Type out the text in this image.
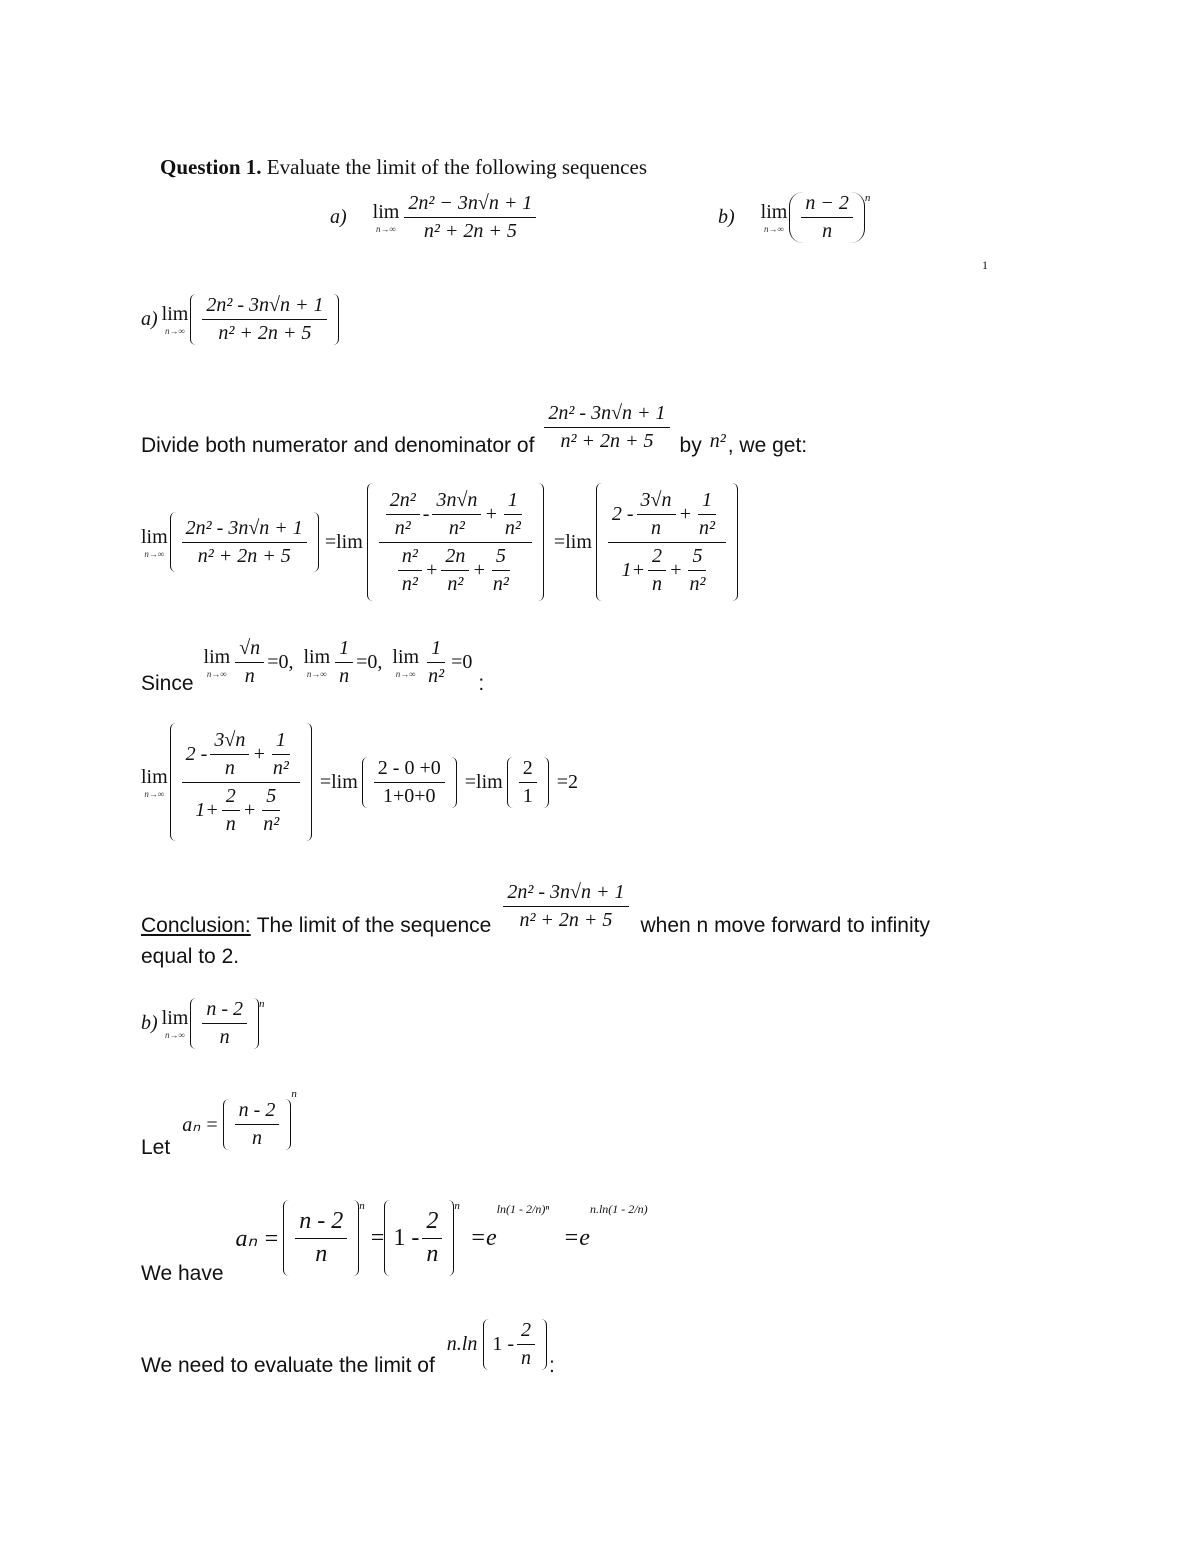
Question 1. Evaluate the limit of the following sequences
a) lim
$n\to\infty \frac{\text{2n² − 3n√n + 1}}{\text{n² + 2n + 5}}$	b) lim
$n\to\infty \frac{n - 2}{n}$ n
1
a) lim
$n\to\infty \frac{\text{2n² - 3n√n + 1}}{\text{n² + 2n + 5}}$
Divide both numerator and denominator of $\frac{\text{2n² - 3n√n + 1}}{\text{n² + 2n + 5}}$ by n² , we get:
lim
$n\to\infty \frac{\text{2n² - 3n√n + 1}}{\text{n² + 2n + 5}} =\lim \frac{\frac{\text{2n²}}{\text{n²}} - \frac{3n√n}{\text{n²}} + \frac{1}{\text{n²}}}{\frac{\text{n²}}{\text{n²}} + \frac{2n}{\text{n²}} + \frac{5}{\text{n²}}} =\lim \frac{2 - \frac{3√n}{n} + \frac{1}{\text{n²}}}{1+ \frac{2}{n} + \frac{5}{\text{n²}}}$
Since
lim
$n\to\infty \frac{√n}{n} =0$, lim
$n\to\infty \frac{1}{n} =0$, lim
$n\to\infty \frac{1}{\text{n²}} =0$
:
lim
$n\to\infty \frac{2 - \frac{3√n}{n} + \frac{1}{\text{n²}}}{1+ \frac{2}{n} + \frac{5}{\text{n²}}} =\lim \frac{2 - 0 +0}{1+0+0} =\lim \frac{2}{1} =2$
Conclusion: The limit of the sequence $\frac{\text{2n² - 3n√n + 1}}{\text{n² + 2n + 5}}$ when n move forward to infinity
equal to 2.
b) lim
$n\to\infty \frac{n - 2}{n}$ n
Let
$a_n = \frac{n - 2}{n}$
n
We have
$a_n = \frac{n - 2}{n}$
n
= $1 - \frac{2}{n}$
n
=e
ln(1 - 2/n)ⁿ
=e
n.ln(1 - 2/n)
We need to evaluate the limit of
n.ln $1 - \frac{2}{n}$ :
